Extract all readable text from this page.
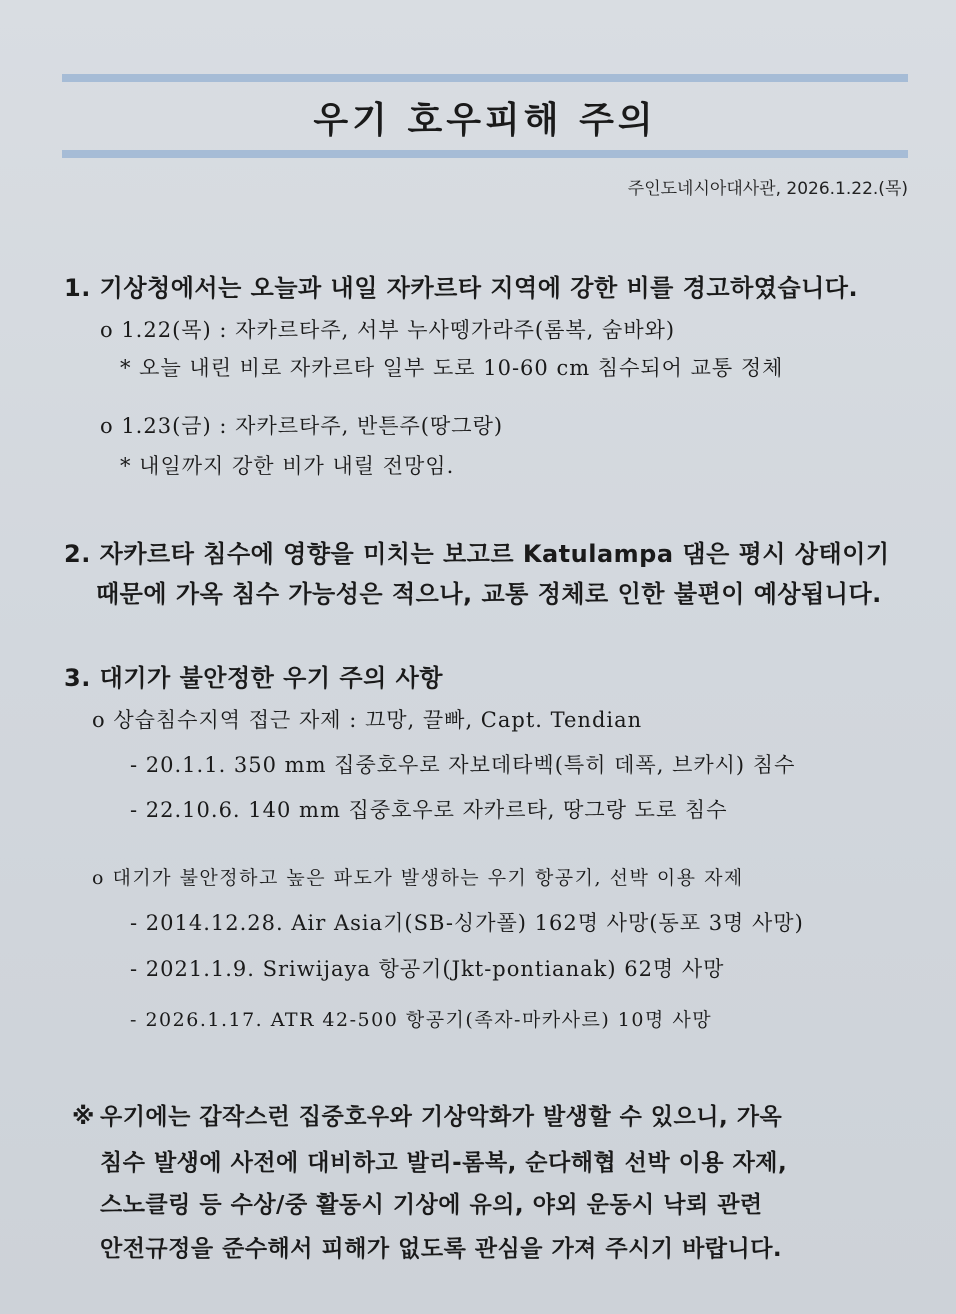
우기 호우피해 주의
주인도네시아대사관, 2026.1.22.(목)
1. 기상청에서는 오늘과 내일 자카르타 지역에 강한 비를 경고하였습니다.
o 1.22(목) : 자카르타주, 서부 누사뗑가라주(롬복, 숨바와)
* 오늘 내린 비로 자카르타 일부 도로 10-60 cm 침수되어 교통 정체
o 1.23(금) : 자카르타주, 반튼주(땅그랑)
* 내일까지 강한 비가 내릴 전망임.
2. 자카르타 침수에 영향을 미치는 보고르 Katulampa 댐은 평시 상태이기
때문에 가옥 침수 가능성은 적으나, 교통 정체로 인한 불편이 예상됩니다.
3. 대기가 불안정한 우기 주의 사항
o 상습침수지역 접근 자제 : 끄망, 끌빠, Capt. Tendian
- 20.1.1. 350 mm 집중호우로 자보데타벡(특히 데폭, 브카시) 침수
- 22.10.6. 140 mm 집중호우로 자카르타, 땅그랑 도로 침수
o 대기가 불안정하고 높은 파도가 발생하는 우기 항공기, 선박 이용 자제
- 2014.12.28. Air Asia기(SB-싱가폴) 162명 사망(동포 3명 사망)
- 2021.1.9. Sriwijaya 항공기(Jkt-pontianak) 62명 사망
- 2026.1.17. ATR 42-500 항공기(족자-마카사르) 10명 사망
※ 우기에는 갑작스런 집중호우와 기상악화가 발생할 수 있으니, 가옥
침수 발생에 사전에 대비하고 발리-롬복, 순다해협 선박 이용 자제,
스노클링 등 수상/중 활동시 기상에 유의, 야외 운동시 낙뢰 관련
안전규정을 준수해서 피해가 없도록 관심을 가져 주시기 바랍니다.
